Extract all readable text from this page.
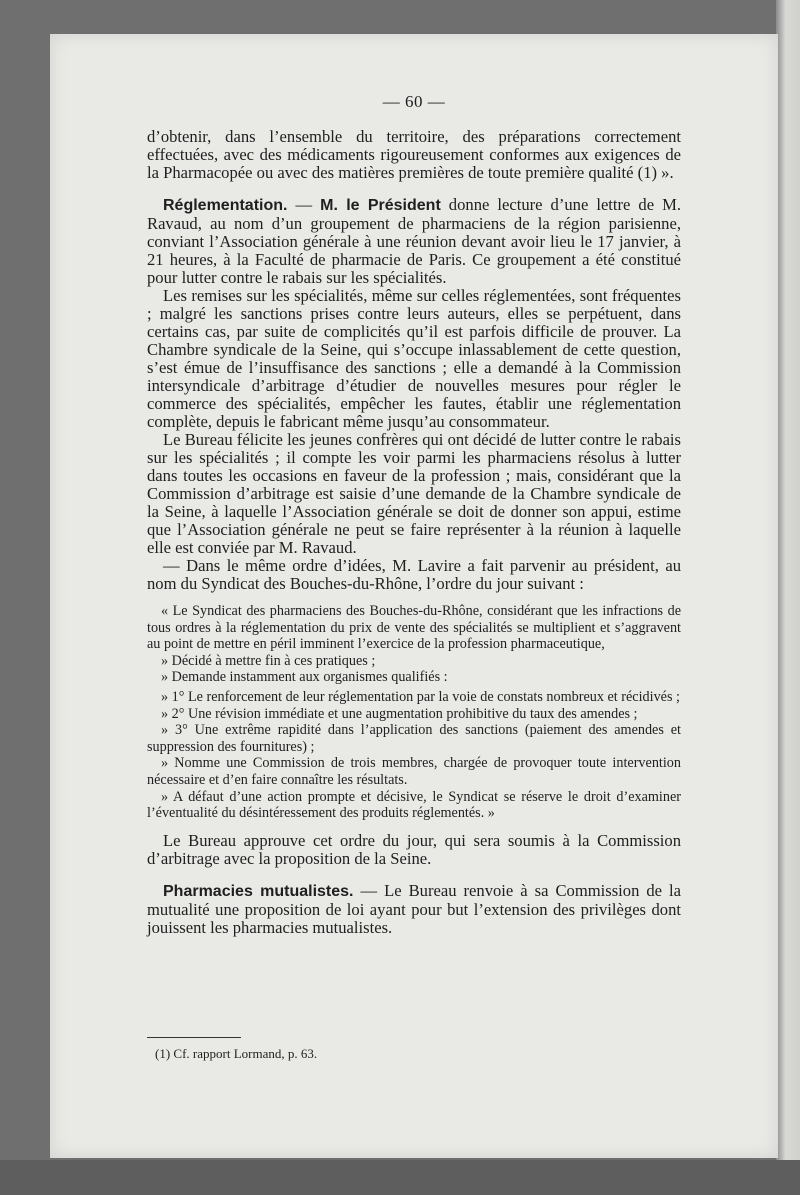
— 60 —

d’obtenir, dans l’ensemble du territoire, des préparations correctement effectuées, avec des médicaments rigoureusement conformes aux exigences de la Pharmacopée ou avec des matières premières de toute première qualité (1) ».

Réglementation. — M. le Président donne lecture d’une lettre de M. Ravaud, au nom d’un groupement de pharmaciens de la région parisienne, conviant l’Association générale à une réunion devant avoir lieu le 17 janvier, à 21 heures, à la Faculté de pharmacie de Paris. Ce groupement a été constitué pour lutter contre le rabais sur les spécialités.

Les remises sur les spécialités, même sur celles réglementées, sont fréquentes ; malgré les sanctions prises contre leurs auteurs, elles se perpétuent, dans certains cas, par suite de complicités qu’il est parfois difficile de prouver. La Chambre syndicale de la Seine, qui s’occupe inlassablement de cette question, s’est émue de l’insuffisance des sanctions ; elle a demandé à la Commission intersyndicale d’arbitrage d’étudier de nouvelles mesures pour régler le commerce des spécialités, empêcher les fautes, établir une réglementation complète, depuis le fabricant même jusqu’au consommateur.

Le Bureau félicite les jeunes confrères qui ont décidé de lutter contre le rabais sur les spécialités ; il compte les voir parmi les pharmaciens résolus à lutter dans toutes les occasions en faveur de la profession ; mais, considérant que la Commission d’arbitrage est saisie d’une demande de la Chambre syndicale de la Seine, à laquelle l’Association générale se doit de donner son appui, estime que l’Association générale ne peut se faire représenter à la réunion à laquelle elle est conviée par M. Ravaud.

— Dans le même ordre d’idées, M. Lavire a fait parvenir au président, au nom du Syndicat des Bouches-du-Rhône, l’ordre du jour suivant :

« Le Syndicat des pharmaciens des Bouches-du-Rhône, considérant que les infractions de tous ordres à la réglementation du prix de vente des spécialités se multiplient et s’aggravent au point de mettre en péril imminent l’exercice de la profession pharmaceutique,

» Décidé à mettre fin à ces pratiques ;

» Demande instamment aux organismes qualifiés :

» 1° Le renforcement de leur réglementation par la voie de constats nombreux et récidivés ;

» 2° Une révision immédiate et une augmentation prohibitive du taux des amendes ;

» 3° Une extrême rapidité dans l’application des sanctions (paiement des amendes et suppression des fournitures) ;

» Nomme une Commission de trois membres, chargée de provoquer toute intervention nécessaire et d’en faire connaître les résultats.

» A défaut d’une action prompte et décisive, le Syndicat se réserve le droit d’examiner l’éventualité du désintéressement des produits réglementés. »

Le Bureau approuve cet ordre du jour, qui sera soumis à la Commission d’arbitrage avec la proposition de la Seine.

Pharmacies mutualistes. — Le Bureau renvoie à sa Commission de la mutualité une proposition de loi ayant pour but l’extension des privilèges dont jouissent les pharmacies mutualistes.

(1) Cf. rapport Lormand, p. 63.
